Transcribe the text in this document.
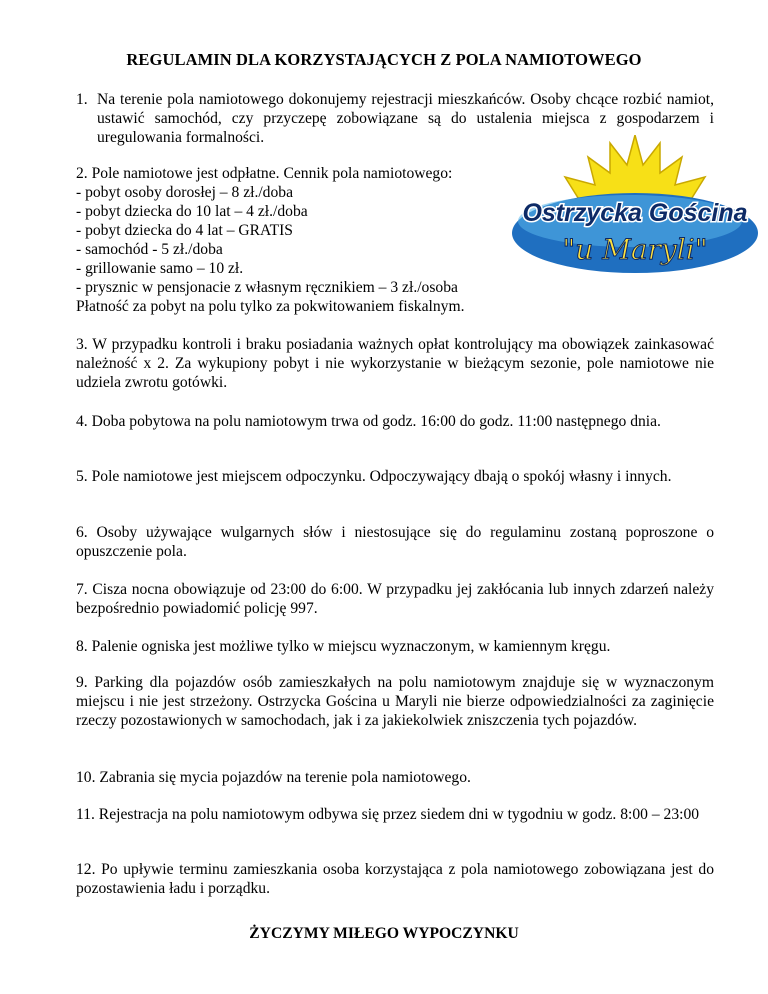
REGULAMIN DLA KORZYSTAJĄCYCH Z POLA NAMIOTOWEGO
1. Na terenie pola namiotowego dokonujemy rejestracji mieszkańców. Osoby chcące rozbić namiot, ustawić samochód, czy przyczepę zobowiązane są do ustalenia miejsca z gospodarzem i uregulowania formalności.
2. Pole namiotowe jest odpłatne. Cennik pola namiotowego:
- pobyt osoby dorosłej – 8 zł./doba
- pobyt dziecka do 10 lat – 4 zł./doba
- pobyt dziecka do 4 lat – GRATIS
- samochód - 5 zł./doba
- grillowanie samo – 10 zł.
- prysznic w pensjonacie z własnym ręcznikiem – 3 zł./osoba
Płatność za pobyt na polu tylko za pokwitowaniem fiskalnym.

3. W przypadku kontroli i braku posiadania ważnych opłat kontrolujący ma obowiązek zainkasować należność x 2. Za wykupiony pobyt i nie wykorzystanie w bieżącym sezonie, pole namiotowe nie udziela zwrotu gotówki.

4. Doba pobytowa na polu namiotowym trwa od godz. 16:00 do godz. 11:00 następnego dnia.

5. Pole namiotowe jest miejscem odpoczynku. Odpoczywający dbają o spokój własny i innych.

6. Osoby używające wulgarnych słów i niestosujące się do regulaminu zostaną poproszone o opuszczenie pola.

7. Cisza nocna obowiązuje od 23:00 do 6:00. W przypadku jej zakłócania lub innych zdarzeń należy bezpośrednio powiadomić policję 997.

8. Palenie ogniska jest możliwe tylko w miejscu wyznaczonym, w kamiennym kręgu.

9. Parking dla pojazdów osób zamieszkałych na polu namiotowym znajduje się w wyznaczonym miejscu i nie jest strzeżony. Ostrzycka Gościna u Maryli nie bierze odpowiedzialności za zaginięcie rzeczy pozostawionych w samochodach, jak i za jakiekolwiek zniszczenia tych pojazdów.

10. Zabrania się mycia pojazdów na terenie pola namiotowego.

11. Rejestracja na polu namiotowym odbywa się przez siedem dni w tygodniu w godz. 8:00 – 23:00

12. Po upływie terminu zamieszkania osoba korzystająca z pola namiotowego zobowiązana jest do pozostawienia ładu i porządku.

ŻYCZYMY MIŁEGO WYPOCZYNKU
Ostrzycka Gościna
"u Maryli"
